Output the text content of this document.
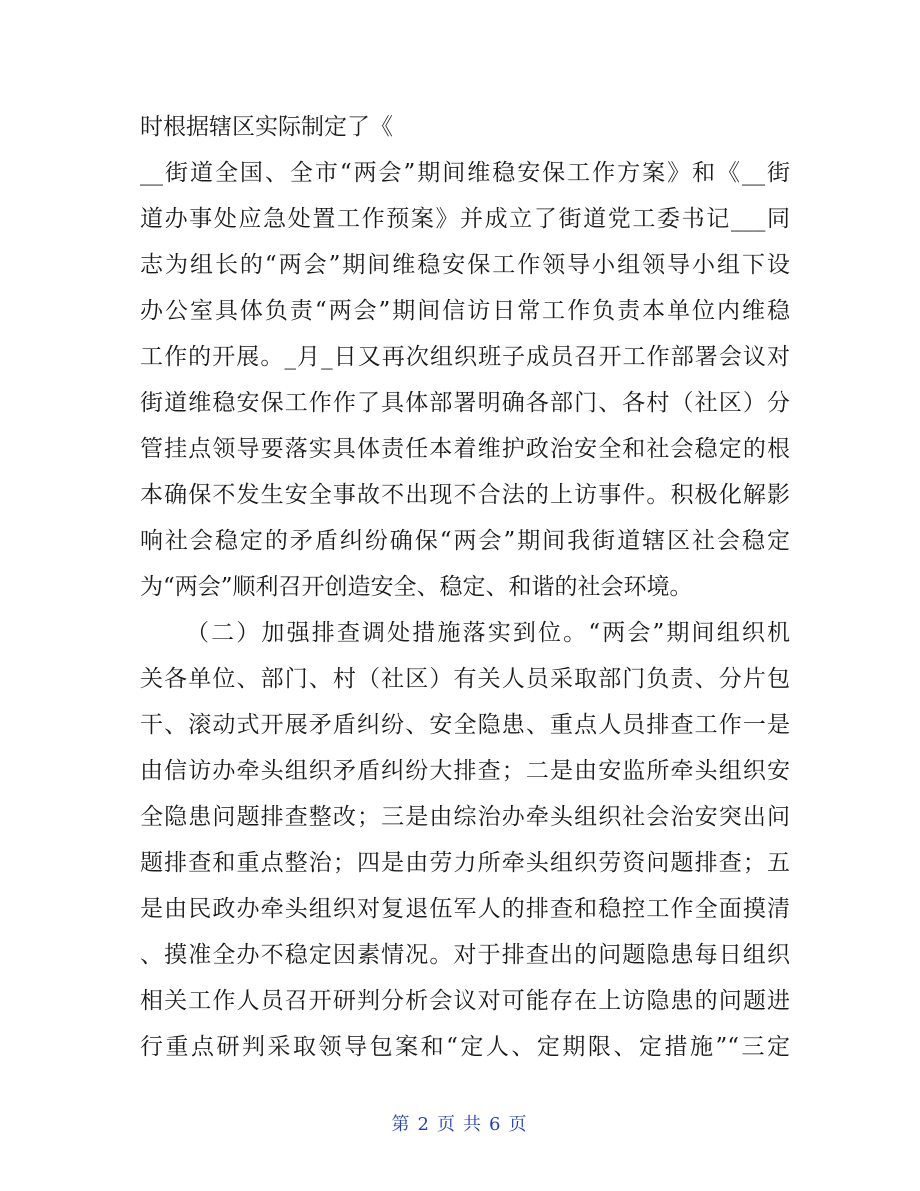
时根据辖区实际制定了《
__街道全国、全市“两会”期间维稳安保工作方案》和《__街
道办事处应急处置工作预案》并成立了街道党工委书记___同
志为组长的“两会”期间维稳安保工作领导小组领导小组下设
办公室具体负责“两会”期间信访日常工作负责本单位内维稳
工作的开展。_月_日又再次组织班子成员召开工作部署会议对
街道维稳安保工作作了具体部署明确各部门、各村（社区）分
管挂点领导要落实具体责任本着维护政治安全和社会稳定的根
本确保不发生安全事故不出现不合法的上访事件。积极化解影
响社会稳定的矛盾纠纷确保“两会”期间我街道辖区社会稳定
为“两会”顺利召开创造安全、稳定、和谐的社会环境。
（二）加强排查调处措施落实到位。“两会”期间组织机
关各单位、部门、村（社区）有关人员采取部门负责、分片包
干、滚动式开展矛盾纠纷、安全隐患、重点人员排查工作一是
由信访办牵头组织矛盾纠纷大排查；二是由安监所牵头组织安
全隐患问题排查整改；三是由综治办牵头组织社会治安突出问
题排查和重点整治；四是由劳力所牵头组织劳资问题排查；五
是由民政办牵头组织对复退伍军人的排查和稳控工作全面摸清
、摸准全办不稳定因素情况。对于排查出的问题隐患每日组织
相关工作人员召开研判分析会议对可能存在上访隐患的问题进
行重点研判采取领导包案和“定人、定期限、定措施”“三定
第 2 页 共 6 页
